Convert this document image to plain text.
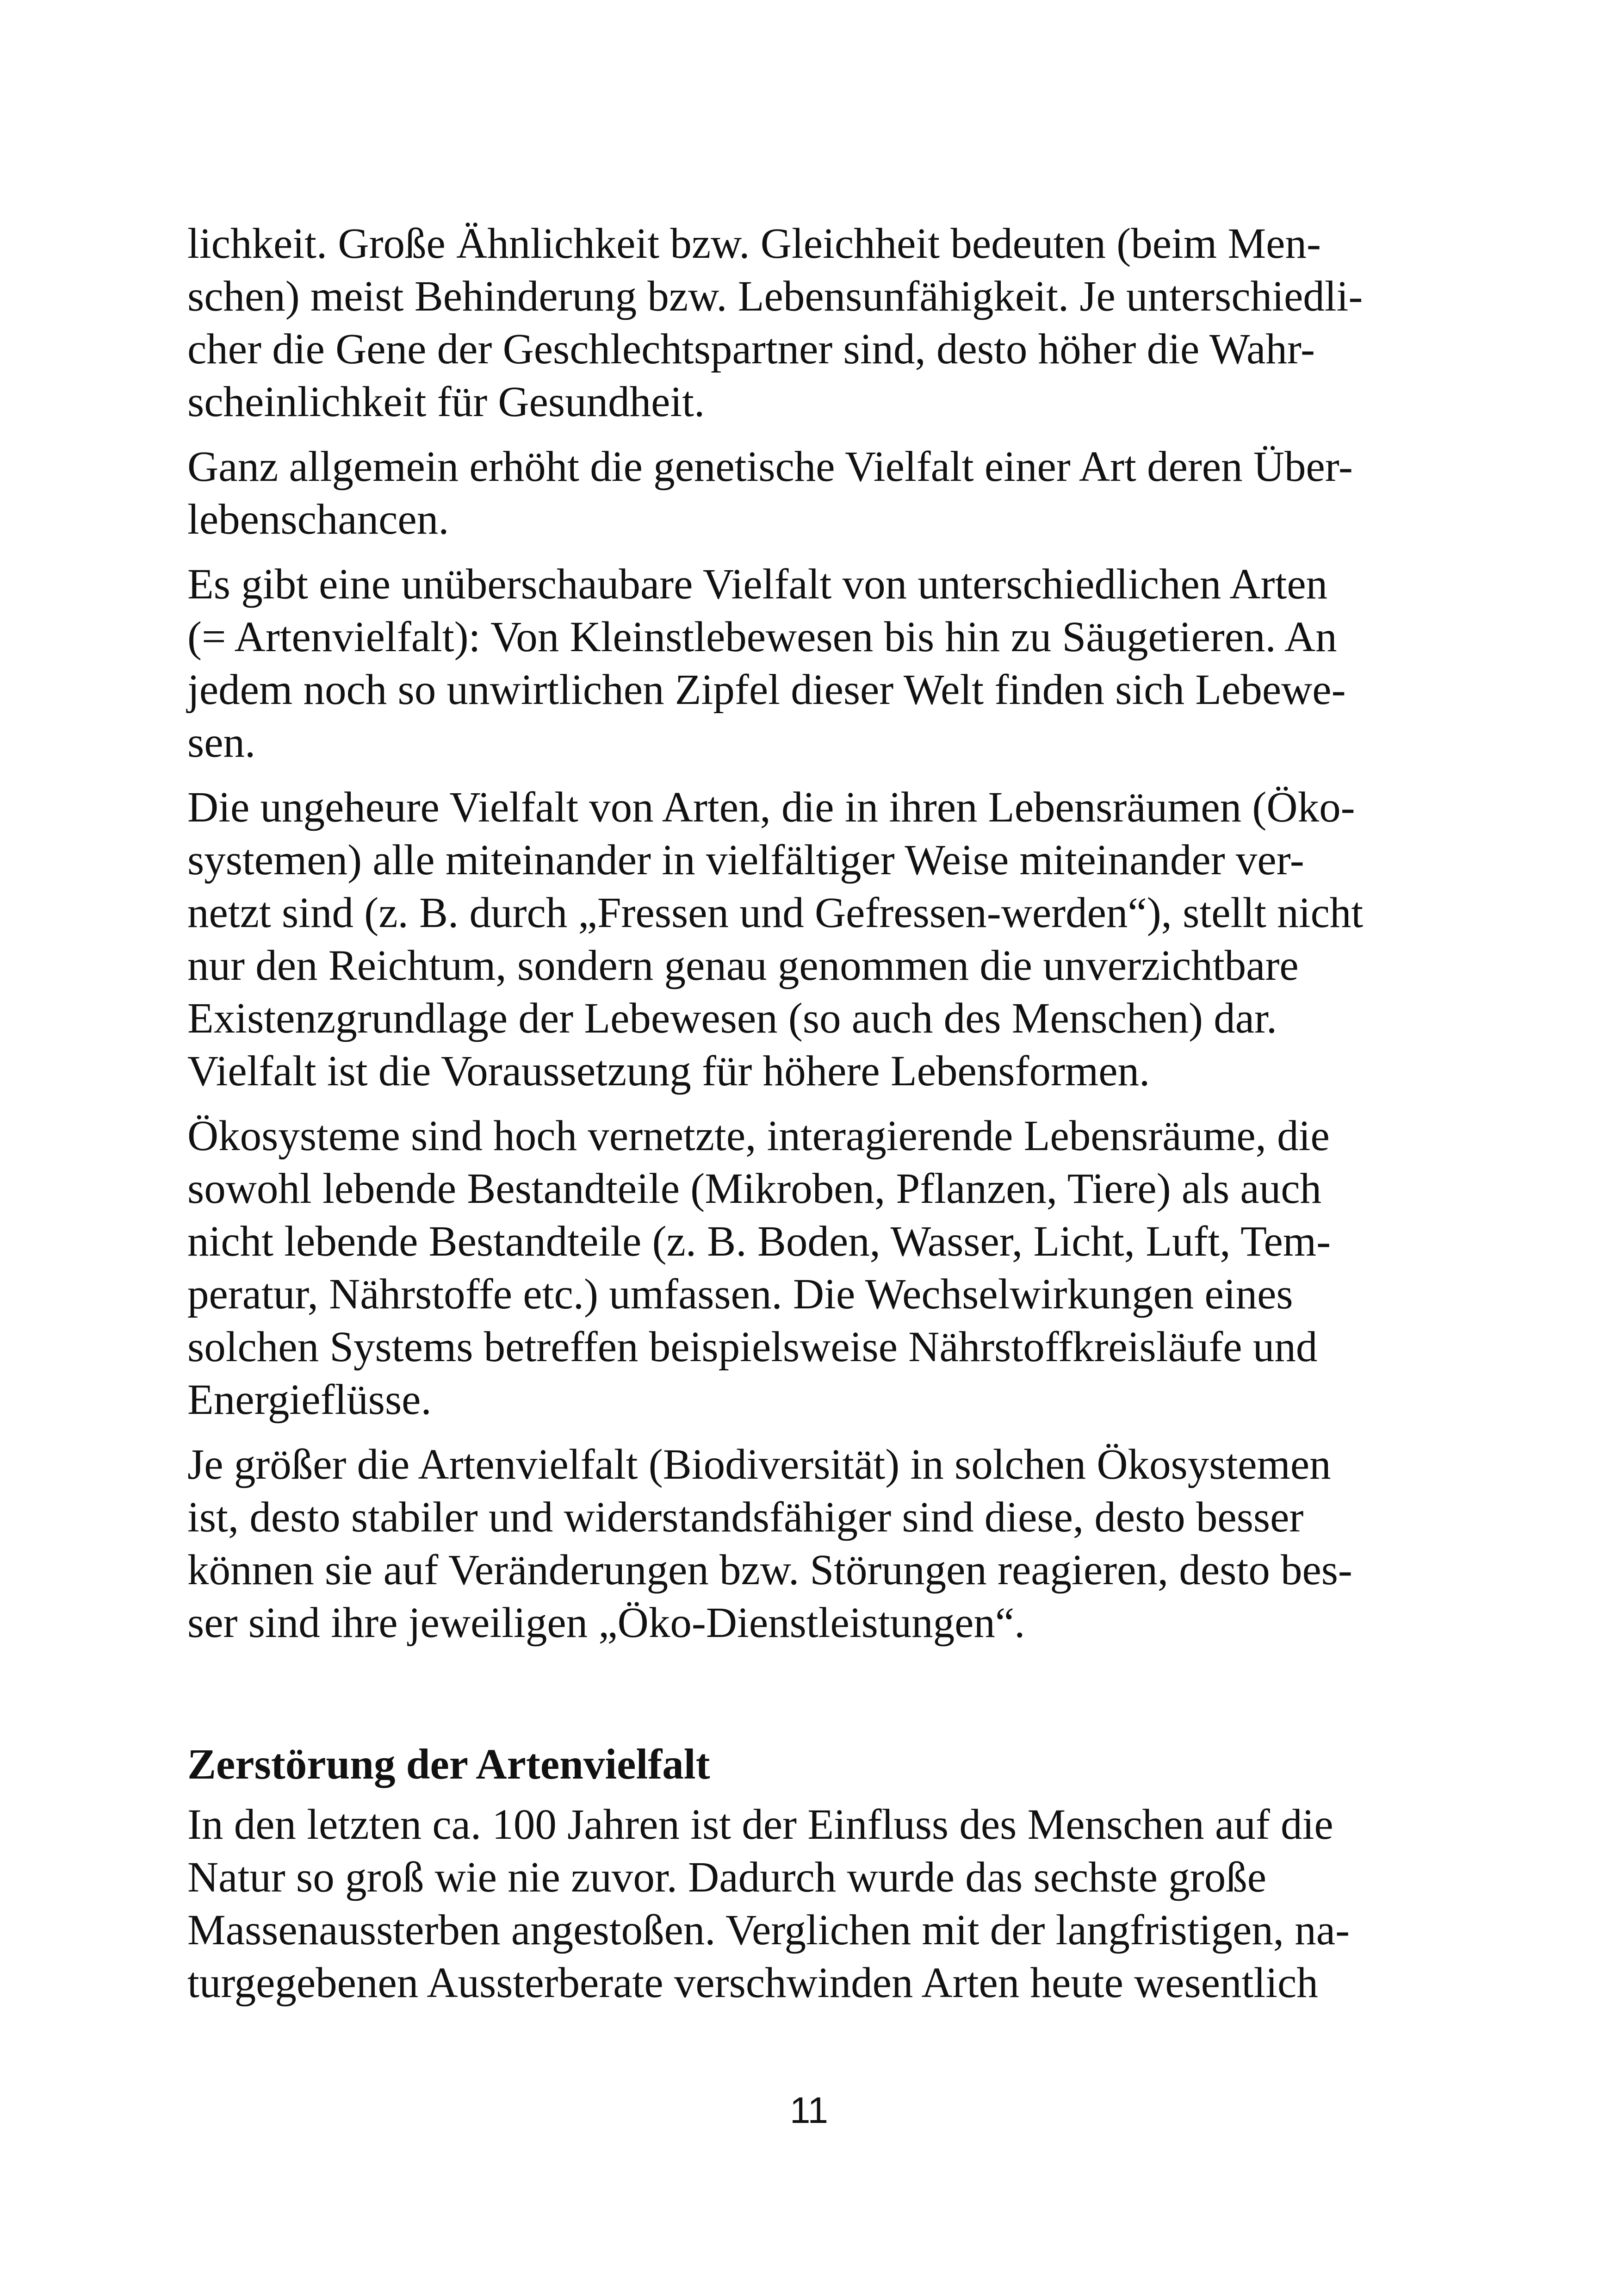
lichkeit. Große Ähnlichkeit bzw. Gleichheit bedeuten (beim Men-
schen) meist Behinderung bzw. Lebensunfähigkeit. Je unterschiedli-
cher die Gene der Geschlechtspartner sind, desto höher die Wahr-
scheinlichkeit für Gesundheit.

Ganz allgemein erhöht die genetische Vielfalt einer Art deren Über-
lebenschancen.

Es gibt eine unüberschaubare Vielfalt von unterschiedlichen Arten
(= Artenvielfalt): Von Kleinstlebewesen bis hin zu Säugetieren. An
jedem noch so unwirtlichen Zipfel dieser Welt finden sich Lebewe-
sen.

Die ungeheure Vielfalt von Arten, die in ihren Lebensräumen (Öko-
systemen) alle miteinander in vielfältiger Weise miteinander ver-
netzt sind (z. B. durch „Fressen und Gefressen-werden“), stellt nicht
nur den Reichtum, sondern genau genommen die unverzichtbare
Existenzgrundlage der Lebewesen (so auch des Menschen) dar.
Vielfalt ist die Voraussetzung für höhere Lebensformen.

Ökosysteme sind hoch vernetzte, interagierende Lebensräume, die
sowohl lebende Bestandteile (Mikroben, Pflanzen, Tiere) als auch
nicht lebende Bestandteile (z. B. Boden, Wasser, Licht, Luft, Tem-
peratur, Nährstoffe etc.) umfassen. Die Wechselwirkungen eines
solchen Systems betreffen beispielsweise Nährstoffkreisläufe und
Energieflüsse.

Je größer die Artenvielfalt (Biodiversität) in solchen Ökosystemen
ist, desto stabiler und widerstandsfähiger sind diese, desto besser
können sie auf Veränderungen bzw. Störungen reagieren, desto bes-
ser sind ihre jeweiligen „Öko-Dienstleistungen“.

Zerstörung der Artenvielfalt

In den letzten ca. 100 Jahren ist der Einfluss des Menschen auf die
Natur so groß wie nie zuvor. Dadurch wurde das sechste große
Massenaussterben angestoßen. Verglichen mit der langfristigen, na-
turgegebenen Aussterberate verschwinden Arten heute wesentlich

11
